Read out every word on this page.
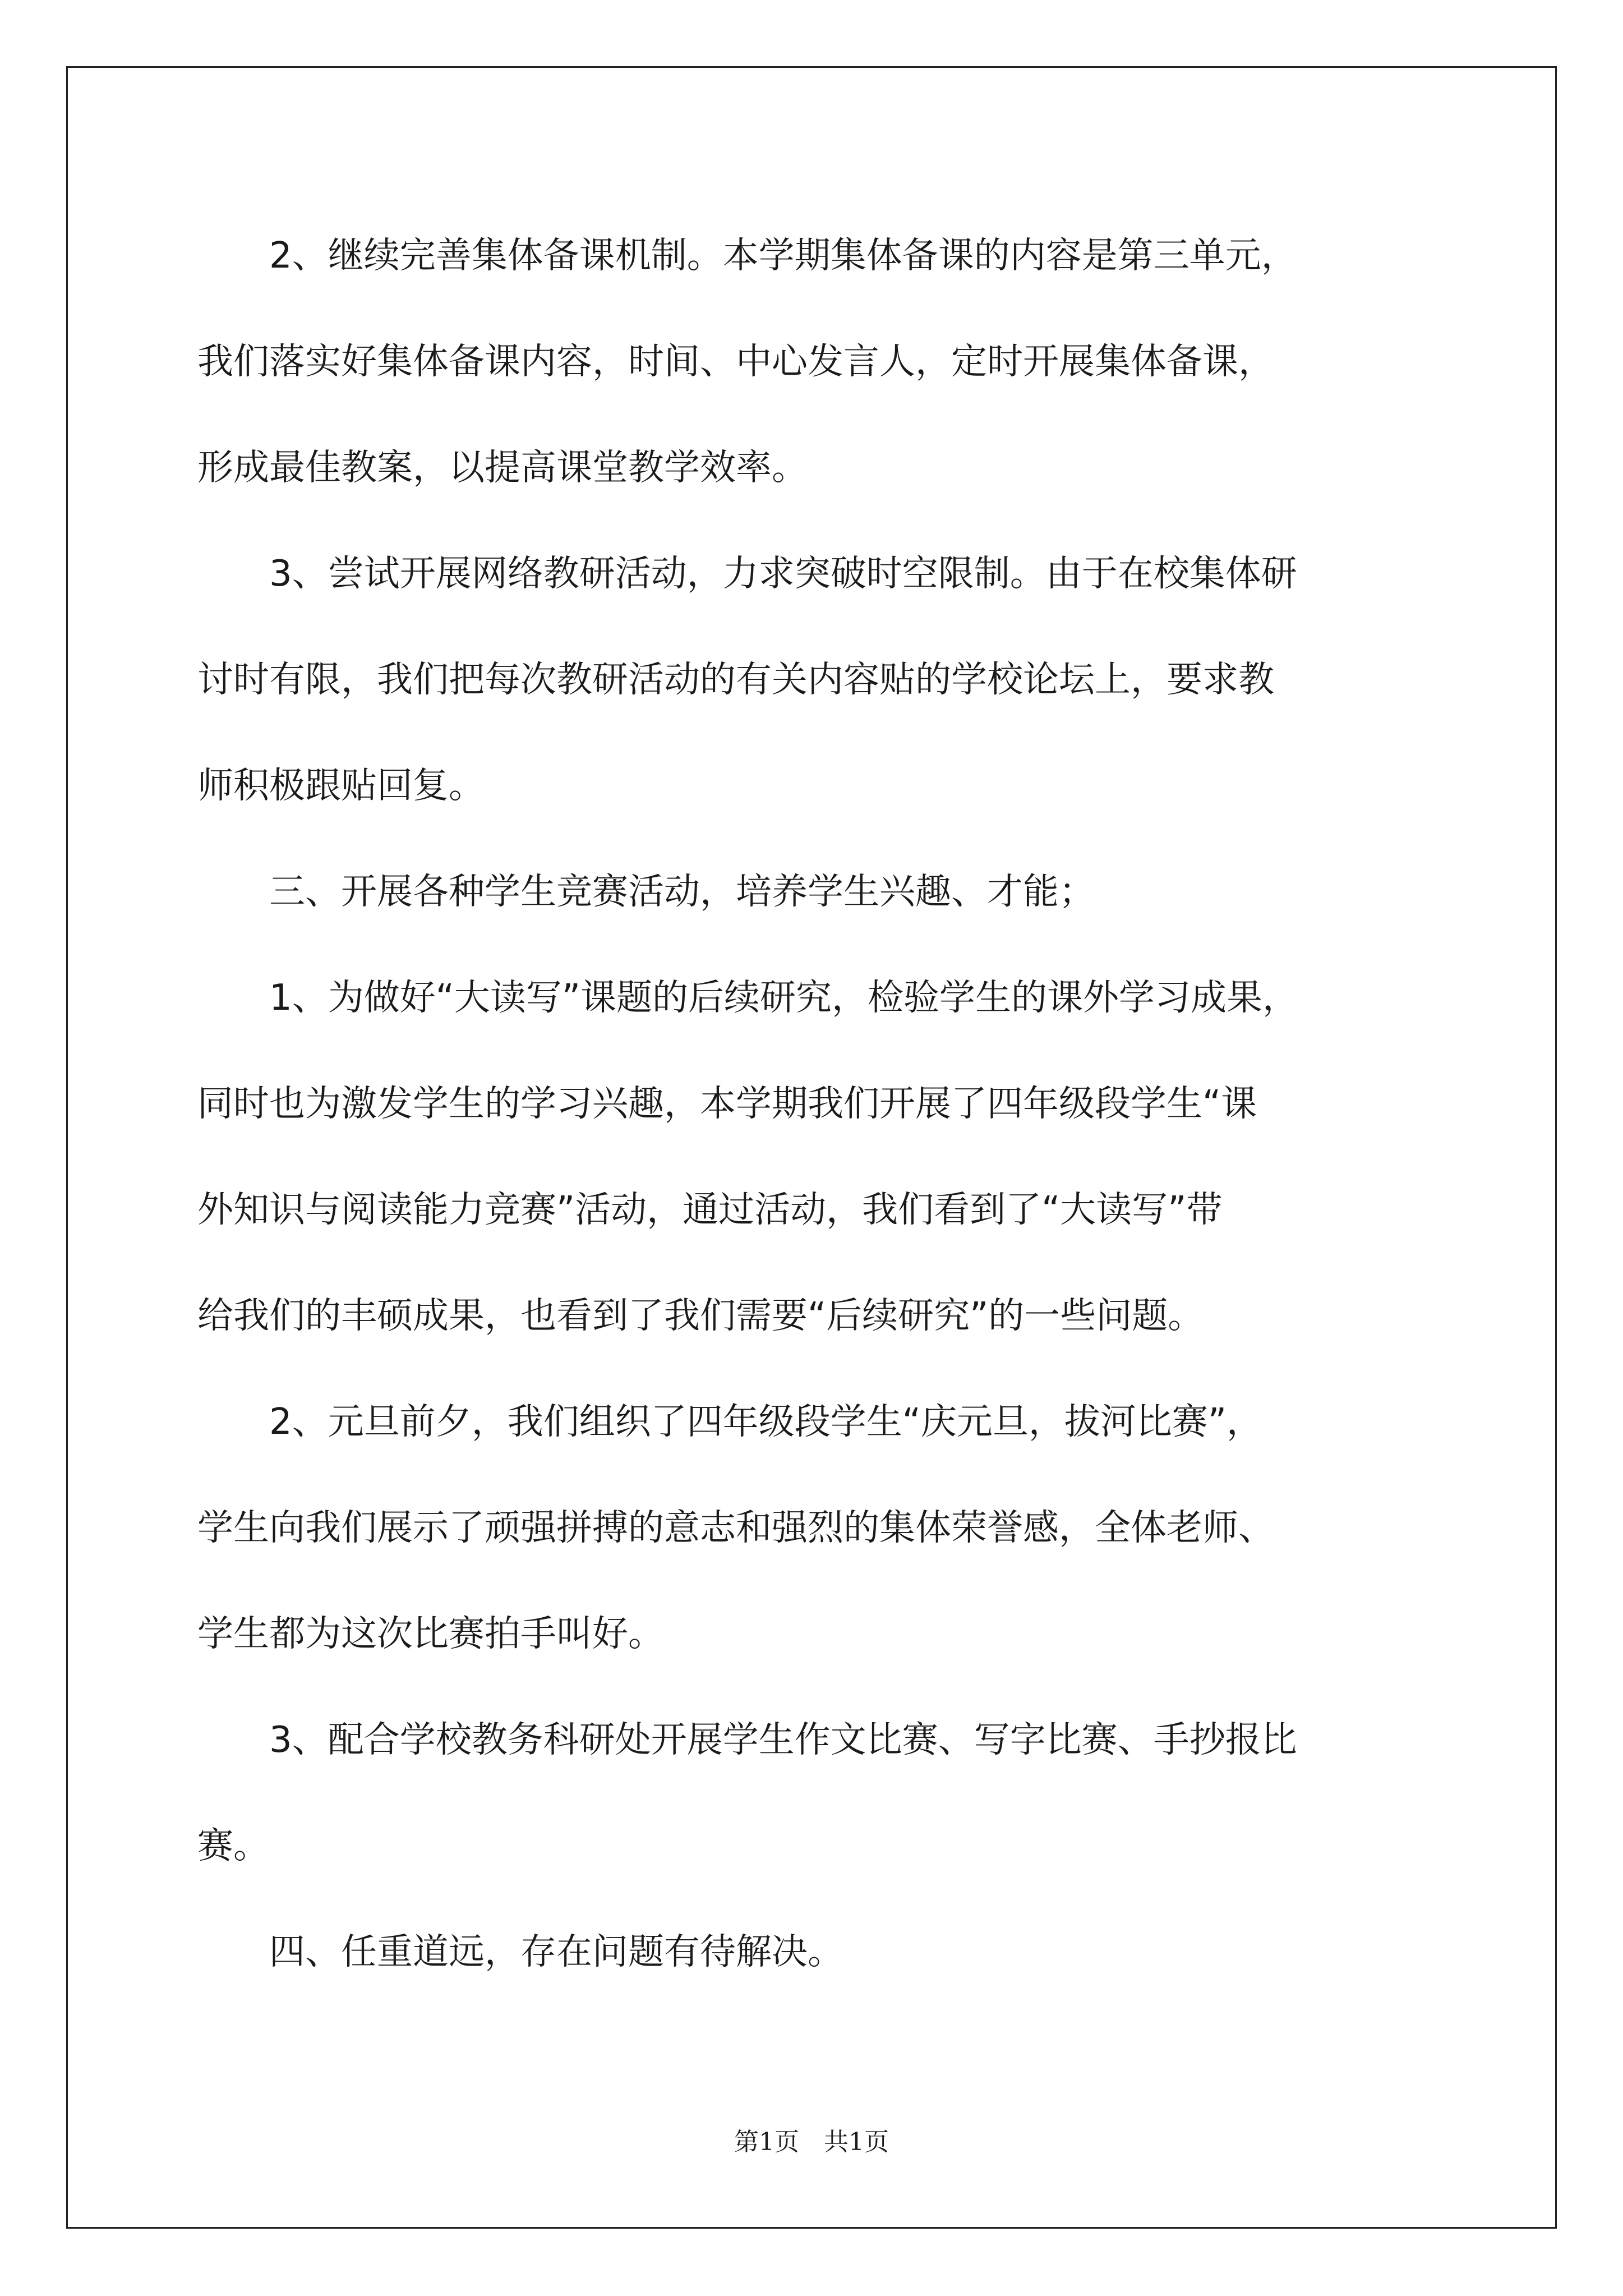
　　2、继续完善集体备课机制。本学期集体备课的内容是第三单元，
我们落实好集体备课内容，时间、中心发言人，定时开展集体备课，
形成最佳教案，以提高课堂教学效率。

　　3、尝试开展网络教研活动，力求突破时空限制。由于在校集体研
讨时有限，我们把每次教研活动的有关内容贴的学校论坛上，要求教
师积极跟贴回复。

　　三、开展各种学生竞赛活动，培养学生兴趣、才能；

　　1、为做好“大读写”课题的后续研究，检验学生的课外学习成果，
同时也为激发学生的学习兴趣，本学期我们开展了四年级段学生“课
外知识与阅读能力竞赛”活动，通过活动，我们看到了“大读写”带
给我们的丰硕成果，也看到了我们需要“后续研究”的一些问题。

　　2、元旦前夕，我们组织了四年级段学生“庆元旦，拔河比赛”，
学生向我们展示了顽强拼搏的意志和强烈的集体荣誉感，全体老师、
学生都为这次比赛拍手叫好。

　　3、配合学校教务科研处开展学生作文比赛、写字比赛、手抄报比
赛。

　　四、任重道远，存在问题有待解决。

第1页　共1页
